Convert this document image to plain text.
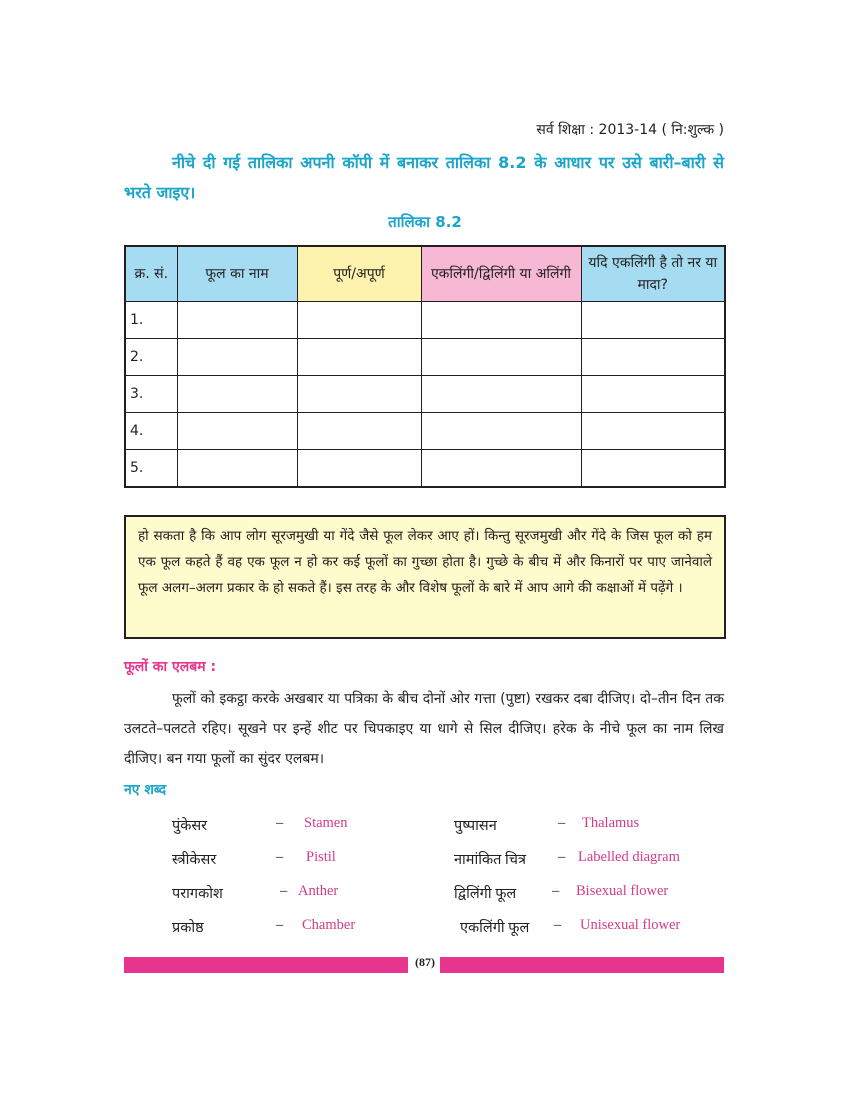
सर्व शिक्षा : 2013-14 ( नि:शुल्क )
नीचे दी गई तालिका अपनी कॉपी में बनाकर तालिका 8.2 के आधार पर उसे बारी–बारी से भरते जाइए।
तालिका 8.2
क्र. सं.	फूल का नाम	पूर्ण/अपूर्ण	एकलिंगी/द्विलिंगी या अलिंगी	यदि एकलिंगी है तो नर या मादा?
1.				
2.				
3.				
4.				
5.				
हो सकता है कि आप लोग सूरजमुखी या गेंदे जैसे फूल लेकर आए हों। किन्तु सूरजमुखी और गेंदे के जिस फूल को हम एक फूल कहते हैं वह एक फूल न हो कर कई फूलों का गुच्छा होता है। गुच्छे के बीच में और किनारों पर पाए जानेवाले फूल अलग–अलग प्रकार के हो सकते हैं। इस तरह के और विशेष फूलों के बारे में आप आगे की कक्षाओं में पढ़ेंगे ।
फूलों का एलबम :
फूलों को इकट्ठा करके अखबार या पत्रिका के बीच दोनों ओर गत्ता (पुष्टा) रखकर दबा दीजिए। दो–तीन दिन तक उलटते–पलटते रहिए। सूखने पर इन्हें शीट पर चिपकाइए या धागे से सिल दीजिए। हरेक के नीचे फूल का नाम लिख दीजिए। बन गया फूलों का सुंदर एलबम।
नए शब्द
पुंकेसर	– Stamen
स्त्रीकेसर	– Pistil
परागकोश	– Anther
प्रकोष्ठ	– Chamber
पुष्पासन	– Thalamus
नामांकित चित्र – Labelled diagram
द्विलिंगी फूल – Bisexual flower
एकलिंगी फूल – Unisexual flower
(87)
